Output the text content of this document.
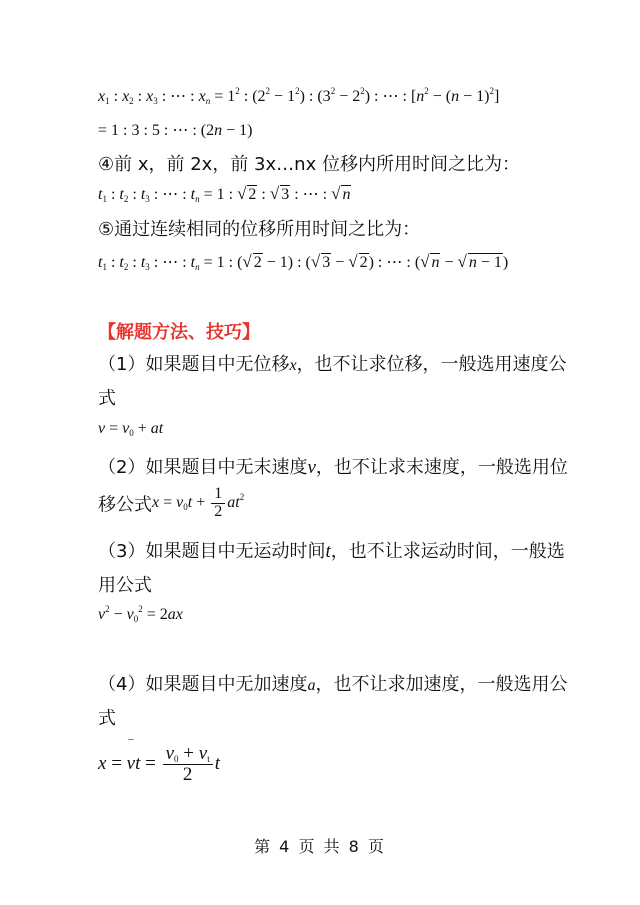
$x_1$ : $x_2$ : $x_3$ : ⋯ : $x_n = 1^2$ : $(2^2 - 1^2)$ : $(3^2 - 2^2)$ : ⋯ : $[n^2 - (n - 1)^2]$
= 1 : 3 : 5 : ⋯ : (2n − 1)
④前 x，前 2x，前 3x…nx 位移内所用时间之比为：
$t_1$ : $t_2$ : $t_3$ : ⋯ : $t_n = 1$ : √ 2 : √ 3 : ⋯ : √ n
⑤通过连续相同的位移所用时间之比为：
$t_1$ : $t_2$ : $t_3$ : ⋯ : $t_n = 1$ : (√ 2 − 1) : (√ 3 − √ 2) : ⋯ : (√ n − √ n − 1)
【解题方法、技巧】
（1）如果题目中无位移x，也不让求位移，一般选用速度公
式
$v = v_0$ + at
（2）如果题目中无末速度v，也不让求末速度，一般选用位
移公式$x = v_0t + \frac{1}{2} at^2$
（3）如果题目中无运动时间t，也不让求运动时间，一般选
用公式
$v^2 - v_0^2 = 2ax$
（4）如果题目中无加速度a，也不让求加速度，一般选用公
式
x = ‾ vt = $\frac{v_0 + v_t}{2}$ t
第 4 页 共 8 页
